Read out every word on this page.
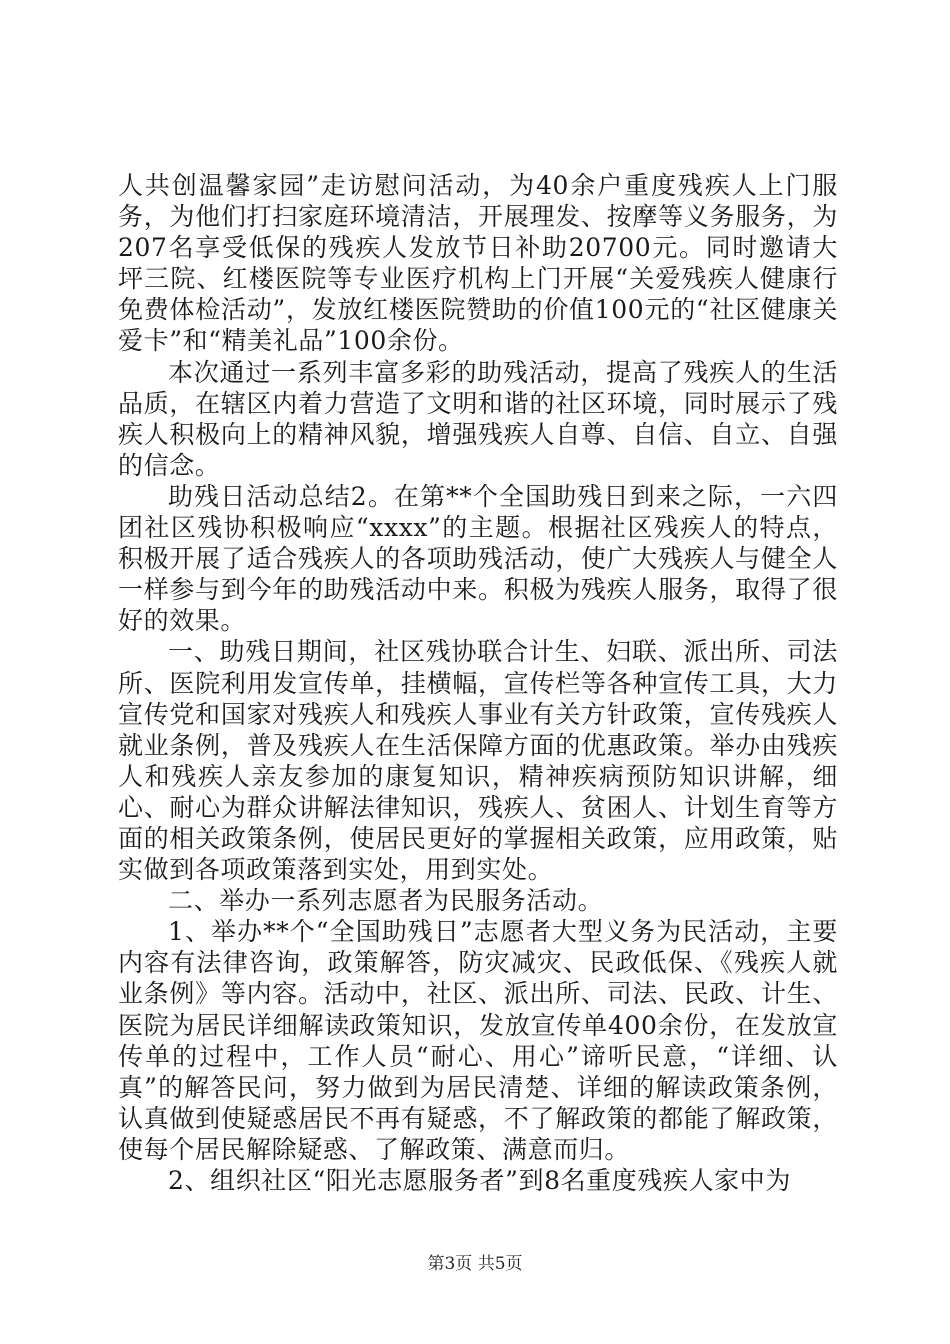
人共创温馨家园”走访慰问活动，为40余户重度残疾人上门服务，为他们打扫家庭环境清洁，开展理发、按摩等义务服务，为207名享受低保的残疾人发放节日补助20700元。同时邀请大坪三院、红楼医院等专业医疗机构上门开展“关爱残疾人健康行免费体检活动”，发放红楼医院赞助的价值100元的“社区健康关爱卡”和“精美礼品”100余份。

本次通过一系列丰富多彩的助残活动，提高了残疾人的生活品质，在辖区内着力营造了文明和谐的社区环境，同时展示了残疾人积极向上的精神风貌，增强残疾人自尊、自信、自立、自强的信念。

助残日活动总结2。在第**个全国助残日到来之际，一六四团社区残协积极响应“xxxx”的主题。根据社区残疾人的特点，积极开展了适合残疾人的各项助残活动，使广大残疾人与健全人一样参与到今年的助残活动中来。积极为残疾人服务，取得了很好的效果。

一、助残日期间，社区残协联合计生、妇联、派出所、司法所、医院利用发宣传单，挂横幅，宣传栏等各种宣传工具，大力宣传党和国家对残疾人和残疾人事业有关方针政策，宣传残疾人就业条例，普及残疾人在生活保障方面的优惠政策。举办由残疾人和残疾人亲友参加的康复知识，精神疾病预防知识讲解，细心、耐心为群众讲解法律知识，残疾人、贫困人、计划生育等方面的相关政策条例，使居民更好的掌握相关政策，应用政策，贴实做到各项政策落到实处，用到实处。

二、举办一系列志愿者为民服务活动。

1、举办**个“全国助残日”志愿者大型义务为民活动，主要内容有法律咨询，政策解答，防灾减灾、民政低保、《残疾人就业条例》等内容。活动中，社区、派出所、司法、民政、计生、医院为居民详细解读政策知识，发放宣传单400余份，在发放宣传单的过程中，工作人员“耐心、用心”谛听民意，“详细、认真”的解答民问，努力做到为居民清楚、详细的解读政策条例，认真做到使疑惑居民不再有疑惑，不了解政策的都能了解政策，使每个居民解除疑惑、了解政策、满意而归。

2、组织社区“阳光志愿服务者”到8名重度残疾人家中为

第3页 共5页
